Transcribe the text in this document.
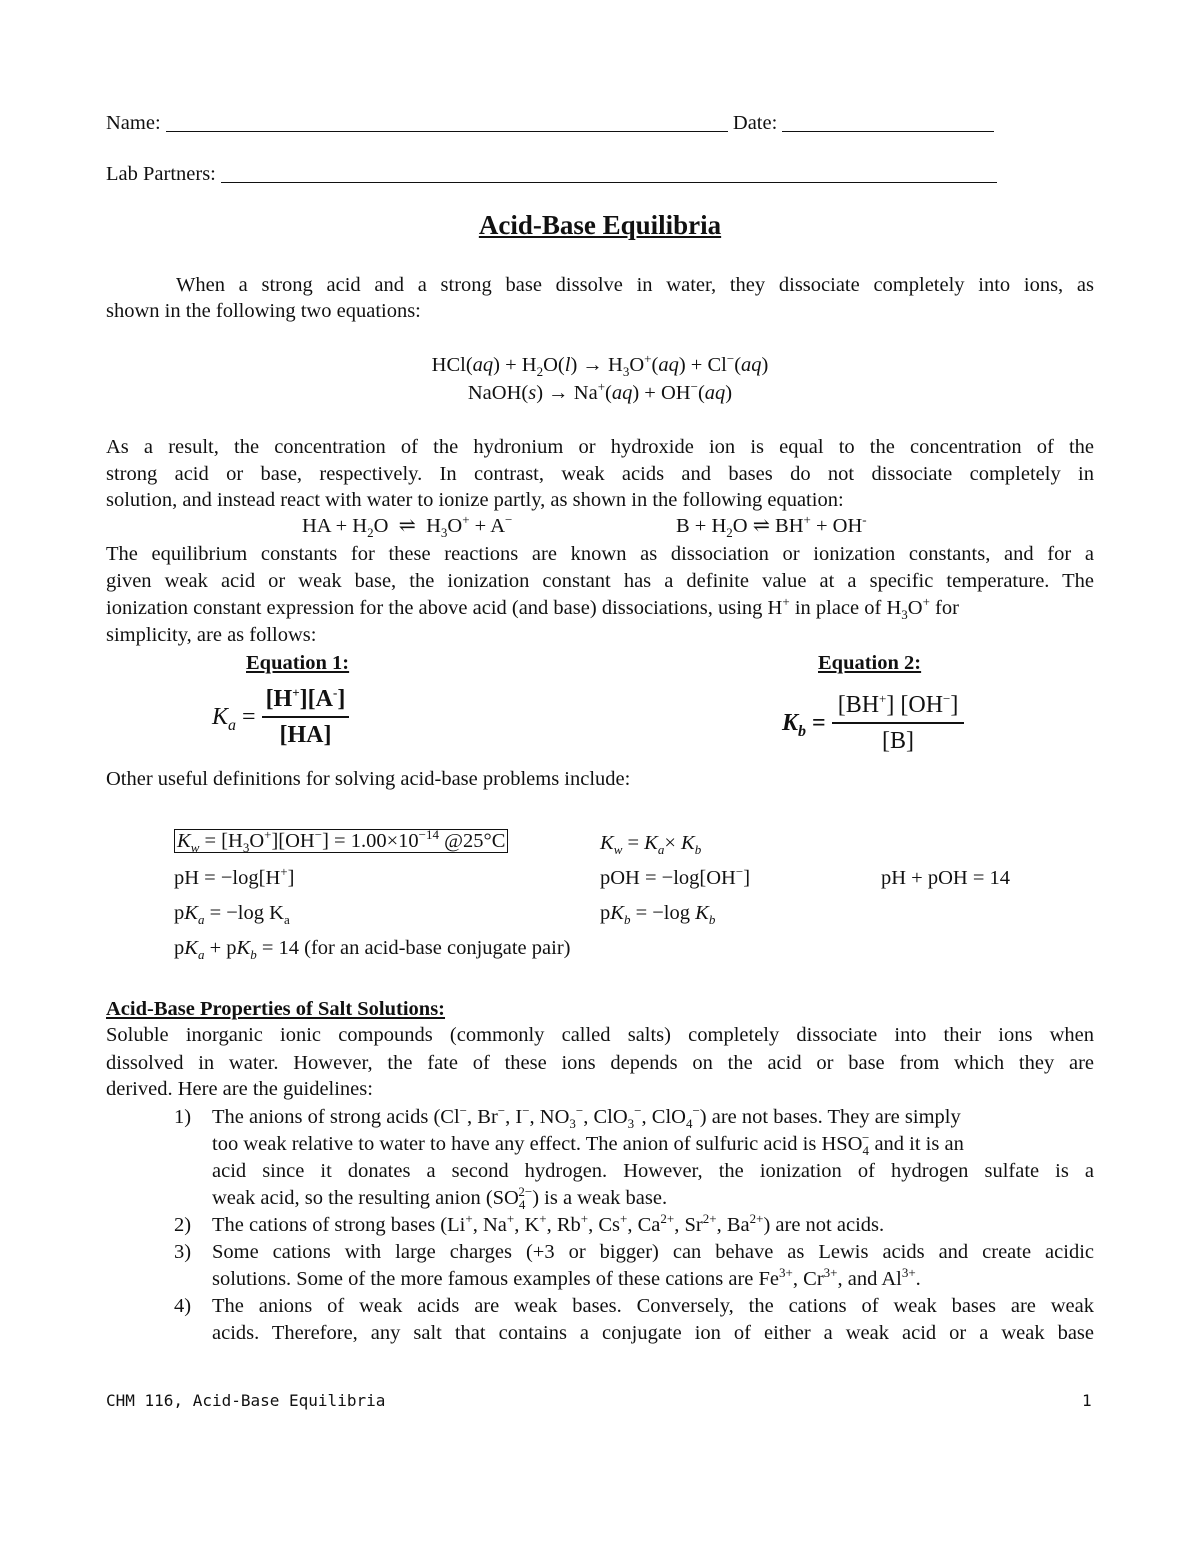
Name:	Date:
Lab Partners:
Acid-Base Equilibria
When a strong acid and a strong base dissolve in water, they dissociate completely into ions, as
shown in the following two equations:
$HCl(aq) + H_2O(l) \to H_3O^+(aq) + Cl^-(aq)$
NaOH(s) → Na+(aq) + OH−(aq)
As a result, the concentration of the hydronium or hydroxide ion is equal to the concentration of the
strong acid or base, respectively. In contrast, weak acids and bases do not dissociate completely in
solution, and instead react with water to ionize partly, as shown in the following equation:
HA + $H_2O$  ⇌  $H_3O^+ + A^-$	$B + H_2O$ ⇌ BH+ + OH-
The equilibrium constants for these reactions are known as dissociation or ionization constants, and for a
given weak acid or weak base, the ionization constant has a definite value at a specific temperature. The
ionization constant expression for the above acid (and base) dissociations, using H+ in place of $H_3O^+$ for
simplicity, are as follows:
Equation 1:	Equation 2:
$K_a = \frac{[H^+][A^-]}{[HA]}$	$K_b = \frac{[BH^+] [OH^-]}{[B]}$
Other useful definitions for solving acid-base problems include:
$K_w = [H_3O^+][OH^-] = 1.00\times 10^{-14}$ @25°C	$K_w = K_a\times K_b$
pH = −log[H+]	pOH = −log[OH−]	pH + pOH = 14
$pK_a = -\log$ $K_a$	$pK_b = -\log$ $K_b$
$pK_a + pK_b = 14$ (for an acid-base conjugate pair)
Acid-Base Properties of Salt Solutions:
Soluble inorganic ionic compounds (commonly called salts) completely dissociate into their ions when
dissolved in water. However, the fate of these ions depends on the acid or base from which they are
derived. Here are the guidelines:
1) The anions of strong acids (Cl−, Br−, I−, $NO_3^-$, ClO$_3$−, ClO$_4$−) are not bases. They are simply
too weak relative to water to have any effect. The anion of sulfuric acid is $HSO_4^-$ and it is an
acid since it donates a second hydrogen. However, the ionization of hydrogen sulfate is a
weak acid, so the resulting anion $(SO_4^{2-})$ is a weak base.
2) The cations of strong bases (Li+, Na+, K+, Rb+, Cs+, $Ca^{2+}$, $Sr^{2+}$, $Ba^{2+}$) are not acids.
3) Some cations with large charges (+3 or bigger) can behave as Lewis acids and create acidic
solutions. Some of the more famous examples of these cations are $Fe^{3+}$, $Cr^{3+}$, and $Al^{3+}$.
4) The anions of weak acids are weak bases. Conversely, the cations of weak bases are weak
acids. Therefore, any salt that contains a conjugate ion of either a weak acid or a weak base
CHM 116, Acid-Base Equilibria	1
